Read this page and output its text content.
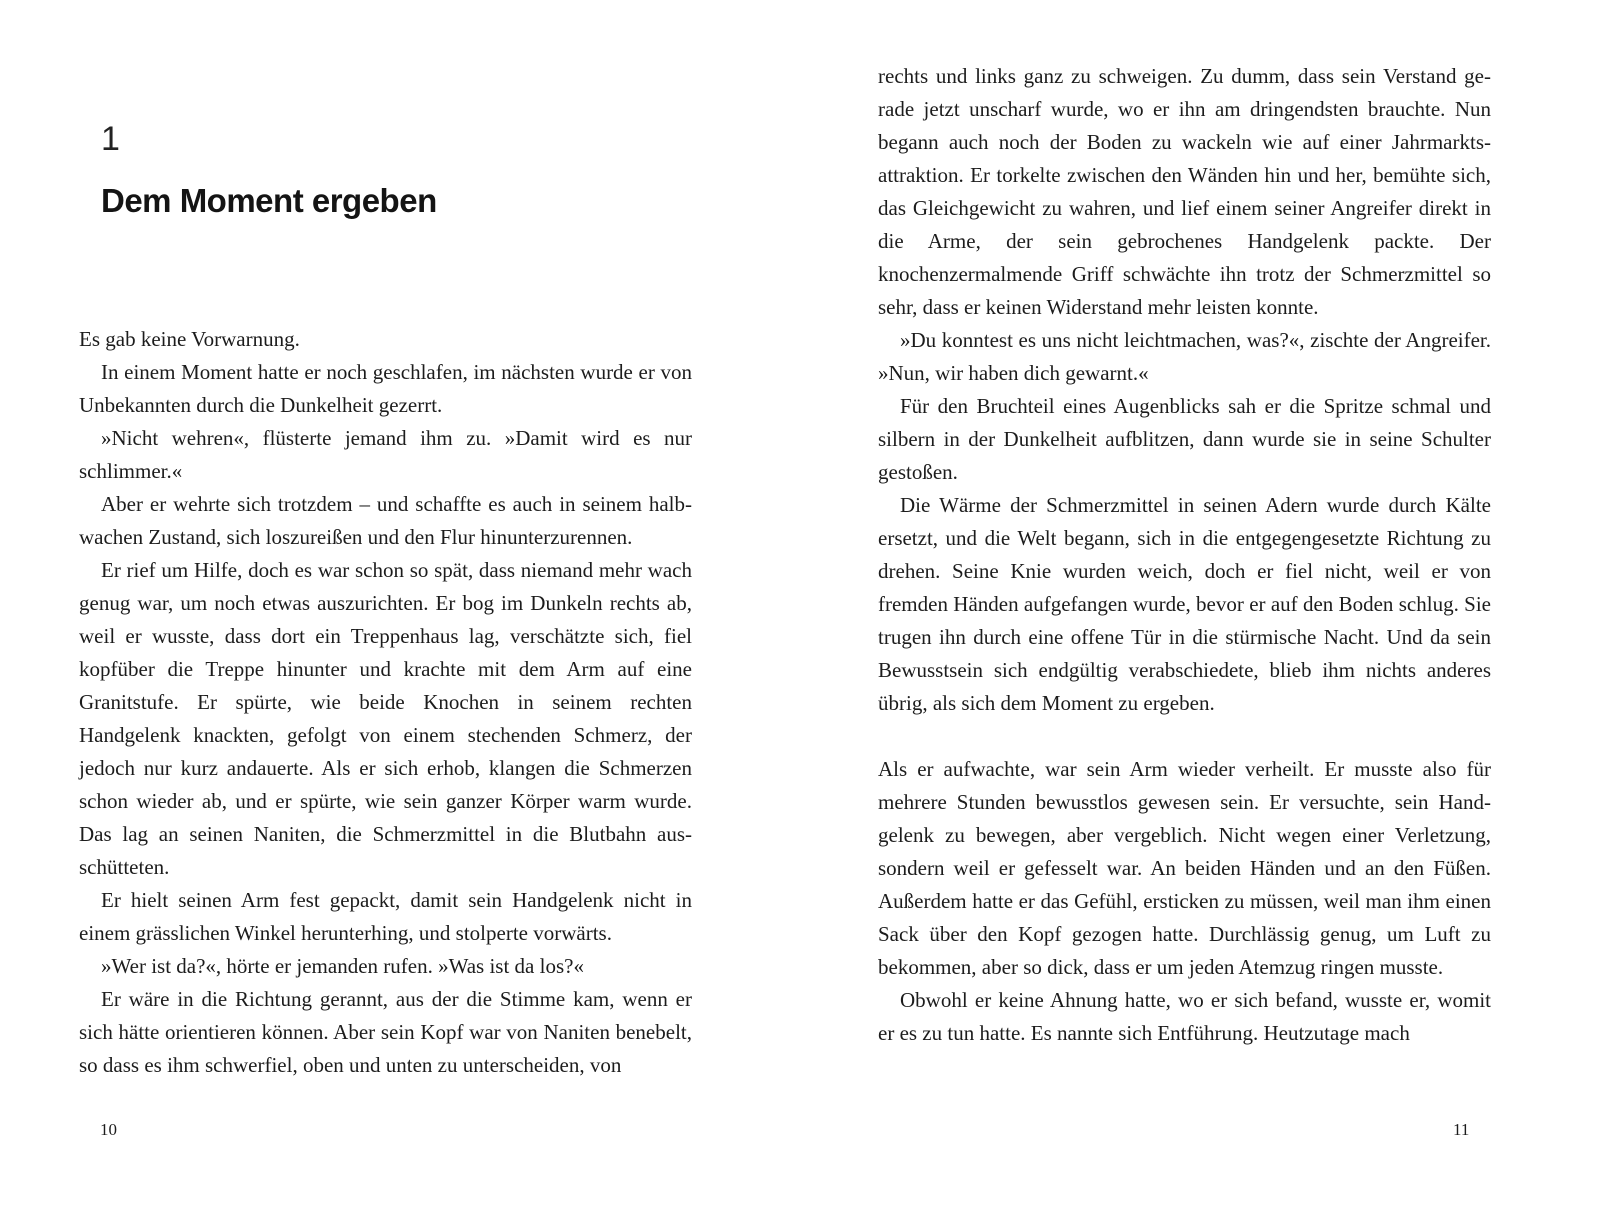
1
Dem Moment ergeben

Es gab keine Vorwarnung.

In einem Moment hatte er noch geschlafen, im nächsten wurde er von Unbekannten durch die Dunkelheit gezerrt.

»Nicht wehren«, flüsterte jemand ihm zu. »Damit wird es nur schlimmer.«

Aber er wehrte sich trotzdem – und schaffte es auch in seinem halbwachen Zustand, sich loszureißen und den Flur hinunterzurennen.

Er rief um Hilfe, doch es war schon so spät, dass niemand mehr wach genug war, um noch etwas auszurichten. Er bog im Dunkeln rechts ab, weil er wusste, dass dort ein Treppenhaus lag, verschätzte sich, fiel kopfüber die Treppe hinunter und krachte mit dem Arm auf eine Granitstufe. Er spürte, wie beide Knochen in seinem rechten Handgelenk knackten, gefolgt von einem stechenden Schmerz, der jedoch nur kurz andauerte. Als er sich erhob, klangen die Schmerzen schon wieder ab, und er spürte, wie sein ganzer Körper warm wurde. Das lag an seinen Naniten, die Schmerzmittel in die Blutbahn ausschütteten.

Er hielt seinen Arm fest gepackt, damit sein Handgelenk nicht in einem grässlichen Winkel herunterhing, und stolperte vorwärts.

»Wer ist da?«, hörte er jemanden rufen. »Was ist da los?«

Er wäre in die Richtung gerannt, aus der die Stimme kam, wenn er sich hätte orientieren können. Aber sein Kopf war von Naniten benebelt, so dass es ihm schwerfiel, oben und unten zu unterscheiden, von

10

rechts und links ganz zu schweigen. Zu dumm, dass sein Verstand gerade jetzt unscharf wurde, wo er ihn am dringendsten brauchte. Nun begann auch noch der Boden zu wackeln wie auf einer Jahrmarktsattraktion. Er torkelte zwischen den Wänden hin und her, bemühte sich, das Gleichgewicht zu wahren, und lief einem seiner Angreifer direkt in die Arme, der sein gebrochenes Handgelenk packte. Der knochenzermalmende Griff schwächte ihn trotz der Schmerzmittel so sehr, dass er keinen Widerstand mehr leisten konnte.

»Du konntest es uns nicht leichtmachen, was?«, zischte der Angreifer. »Nun, wir haben dich gewarnt.«

Für den Bruchteil eines Augenblicks sah er die Spritze schmal und silbern in der Dunkelheit aufblitzen, dann wurde sie in seine Schulter gestoßen.

Die Wärme der Schmerzmittel in seinen Adern wurde durch Kälte ersetzt, und die Welt begann, sich in die entgegengesetzte Richtung zu drehen. Seine Knie wurden weich, doch er fiel nicht, weil er von fremden Händen aufgefangen wurde, bevor er auf den Boden schlug. Sie trugen ihn durch eine offene Tür in die stürmische Nacht. Und da sein Bewusstsein sich endgültig verabschiedete, blieb ihm nichts anderes übrig, als sich dem Moment zu ergeben.

Als er aufwachte, war sein Arm wieder verheilt. Er musste also für mehrere Stunden bewusstlos gewesen sein. Er versuchte, sein Handgelenk zu bewegen, aber vergeblich. Nicht wegen einer Verletzung, sondern weil er gefesselt war. An beiden Händen und an den Füßen. Außerdem hatte er das Gefühl, ersticken zu müssen, weil man ihm einen Sack über den Kopf gezogen hatte. Durchlässig genug, um Luft zu bekommen, aber so dick, dass er um jeden Atemzug ringen musste.

Obwohl er keine Ahnung hatte, wo er sich befand, wusste er, womit er es zu tun hatte. Es nannte sich Entführung. Heutzutage mach

11
